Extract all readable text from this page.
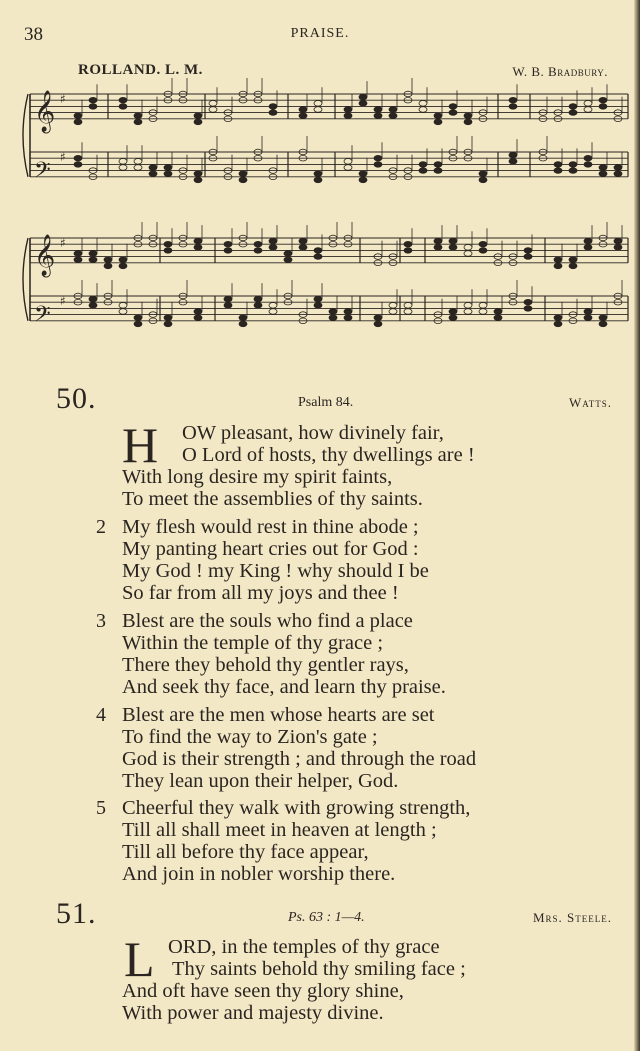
38	PRAISE.
ROLLAND. L. M.	W. B. Bradbury.
𝄞 ♯
𝄢
♯
𝄞 ♯
𝄢
♯
50.	Psalm 84.	Watts.
H OW pleasant, how divinely fair,
O Lord of hosts, thy dwellings are !
With long desire my spirit faints,
To meet the assemblies of thy saints.
2 My flesh would rest in thine abode ;
My panting heart cries out for God :
My God ! my King ! why should I be
So far from all my joys and thee !
3 Blest are the souls who find a place
Within the temple of thy grace ;
There they behold thy gentler rays,
And seek thy face, and learn thy praise.
4 Blest are the men whose hearts are set
To find the way to Zion's gate ;
God is their strength ; and through the road
They lean upon their helper, God.
5 Cheerful they walk with growing strength,
Till all shall meet in heaven at length ;
Till all before thy face appear,
And join in nobler worship there.
51.	Ps. 63 : 1—4.	Mrs. Steele.
L ORD, in the temples of thy grace
Thy saints behold thy smiling face ;
And oft have seen thy glory shine,
With power and majesty divine.
